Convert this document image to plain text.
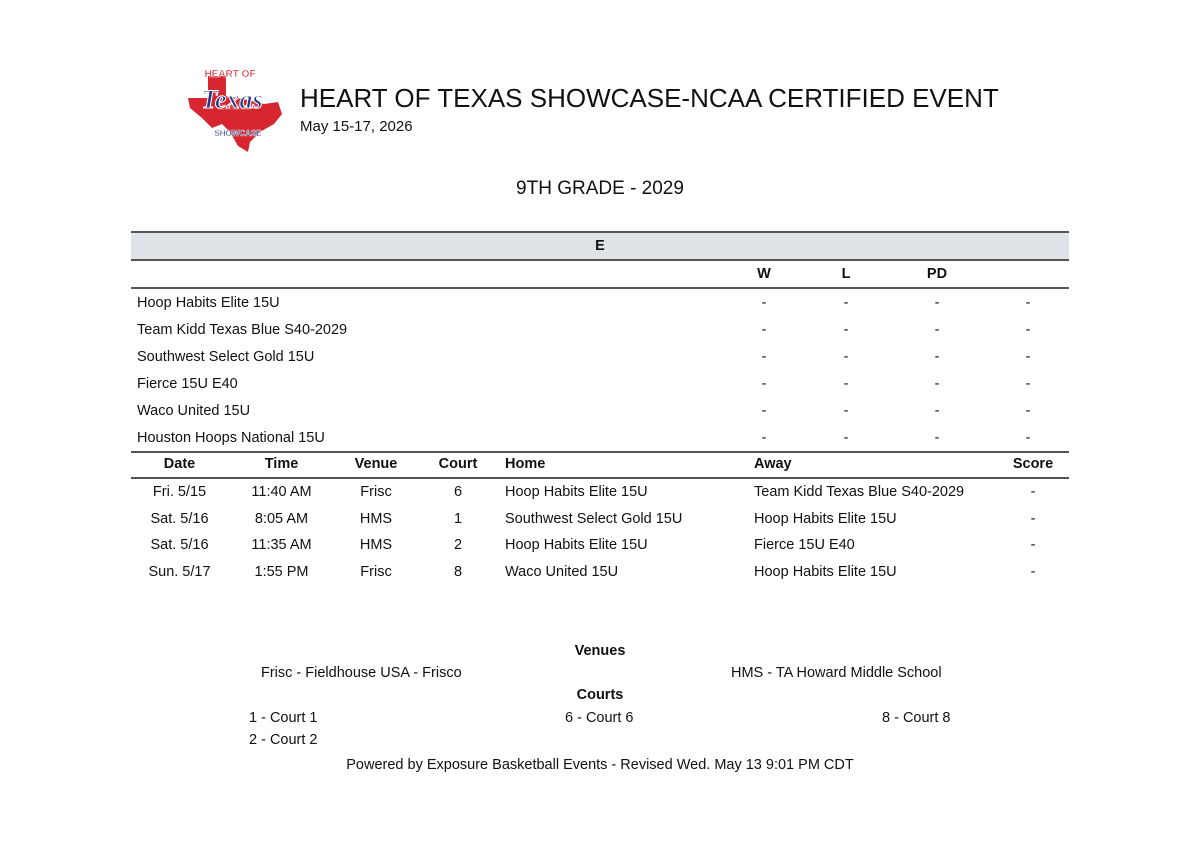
HEART OF
Texas
SHOWCASE
HEART OF TEXAS SHOWCASE-NCAA CERTIFIED EVENT
May 15-17, 2026
9TH GRADE - 2029
E				
	W	L	PD	
Hoop Habits Elite 15U	-	-	-	-
Team Kidd Texas Blue S40-2029	-	-	-	-
Southwest Select Gold 15U	-	-	-	-
Fierce 15U E40	-	-	-	-
Waco United 15U	-	-	-	-
Houston Hoops National 15U	-	-	-	-
Date	Time	Venue	Court	Home	Away	Score
Fri. 5/15	11:40 AM	Frisc	6	Hoop Habits Elite 15U	Team Kidd Texas Blue S40-2029	-
Sat. 5/16	8:05 AM	HMS	1	Southwest Select Gold 15U	Hoop Habits Elite 15U	-
Sat. 5/16	11:35 AM	HMS	2	Hoop Habits Elite 15U	Fierce 15U E40	-
Sun. 5/17	1:55 PM	Frisc	8	Waco United 15U	Hoop Habits Elite 15U	-
Venues
Frisc - Fieldhouse USA - Frisco	HMS - TA Howard Middle School
Courts
1 - Court 1	6 - Court 6	8 - Court 8
2 - Court 2
Powered by Exposure Basketball Events - Revised Wed. May 13 9:01 PM CDT
